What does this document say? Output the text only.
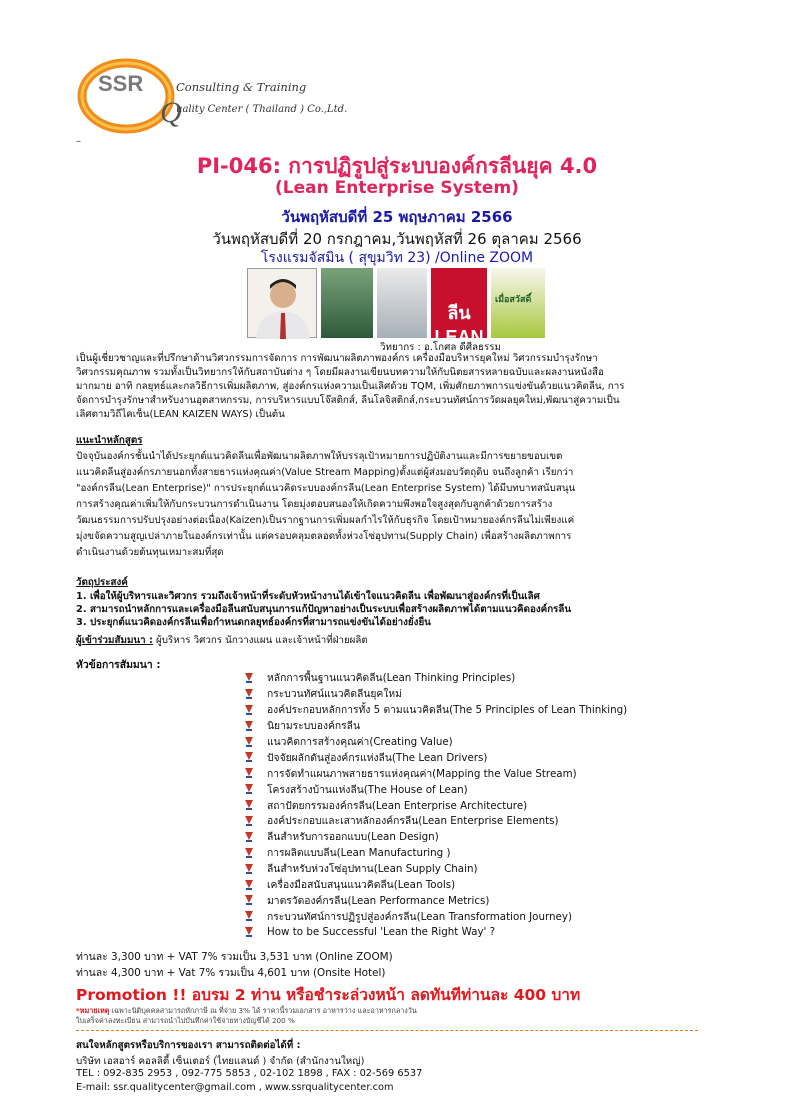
SSR
Q
Consulting & Training
uality Center ( Thailand ) Co.,Ltd.
–
PI-046: การปฏิรูปสู่ระบบองค์กรลีนยุค 4.0
(Lean Enterprise System)
วันพฤหัสบดีที่ 25 พฤษภาคม 2566
วันพฤหัสบดีที่ 20 กรกฎาคม,วันพฤหัสที่ 26 ตุลาคม 2566
โรงแรมจัสมิน ( สุขุมวิท 23) /Online ZOOM
ลีน LEAN
เมื่อสวัสดิ์
วิทยากร : อ.โกศล ดีศีลธรรม
เป็นผู้เชี่ยวชาญและที่ปรึกษาด้านวิศวกรรมการจัดการ การพัฒนาผลิตภาพองค์กร เครื่องมือบริหารยุคใหม่ วิศวกรรมบำรุงรักษา
วิศวกรรมคุณภาพ รวมทั้งเป็นวิทยากรให้กับสถาบันต่าง ๆ โดยมีผลงานเขียนบทความให้กับนิตยสารหลายฉบับและผลงานหนังสือ
มากมาย อาทิ กลยุทธ์และกลวิธีการเพิ่มผลิตภาพ, สู่องค์กรแห่งความเป็นเลิศด้วย TQM, เพิ่มศักยภาพการแข่งขันด้วยแนวคิดลีน, การ
จัดการบำรุงรักษาสำหรับงานอุตสาหกรรม, การบริหารแบบโจ๊สติกส์, ลีนโลจิสติกส์,กระบวนทัศน์การวัดผลยุคใหม่,พัฒนาสู่ความเป็น
เลิศตามวิถีไคเซ็น(LEAN KAIZEN WAYS) เป็นต้น
แนะนำหลักสูตร
ปัจจุบันองค์กรชั้นนำได้ประยุกต์แนวคิดลีนเพื่อพัฒนาผลิตภาพให้บรรลุเป้าหมายการปฏิบัติงานและมีการขยายขอบเขต
แนวคิดลีนสู่องค์กรภายนอกทั้งสายธารแห่งคุณค่า(Value Stream Mapping)ตั้งแต่ผู้ส่งมอบวัตถุดิบ จนถึงลูกค้า เรียกว่า
"องค์กรลีน(Lean Enterprise)" การประยุกต์แนวคิดระบบองค์กรลีน(Lean Enterprise System) ได้มีบทบาทสนับสนุน
การสร้างคุณค่าเพิ่มให้กับกระบวนการดำเนินงาน โดยมุ่งตอบสนองให้เกิดความพึงพอใจสูงสุดกับลูกค้าด้วยการสร้าง
วัฒนธรรมการปรับปรุงอย่างต่อเนื่อง(Kaizen)เป็นรากฐานการเพิ่มผลกำไรให้กับธุรกิจ โดยเป้าหมายองค์กรลีนไม่เพียงแค่
มุ่งขจัดความสูญเปล่าภายในองค์กรเท่านั้น แต่ครอบคลุมตลอดทั้งห่วงโซ่อุปทาน(Supply Chain) เพื่อสร้างผลิตภาพการ
ดำเนินงานด้วยต้นทุนเหมาะสมที่สุด
วัตถุประสงค์
1. เพื่อให้ผู้บริหารและวิศวกร รวมถึงเจ้าหน้าที่ระดับหัวหน้างานได้เข้าใจแนวคิดลีน เพื่อพัฒนาสู่องค์กรที่เป็นเลิศ
2. สามารถนำหลักการและเครื่องมือลีนสนับสนุนการแก้ปัญหาอย่างเป็นระบบเพื่อสร้างผลิตภาพได้ตามแนวคิดองค์กรลีน
3. ประยุกต์แนวคิดองค์กรลีนเพื่อกำหนดกลยุทธ์องค์กรที่สามารถแข่งขันได้อย่างยั่งยืน
ผู้เข้าร่วมสัมมนา : ผู้บริหาร วิศวกร นักวางแผน และเจ้าหน้าที่ฝ่ายผลิต
หัวข้อการสัมมนา :
หลักการพื้นฐานแนวคิดลีน(Lean Thinking Principles)
กระบวนทัศน์แนวคิดลีนยุคใหม่
องค์ประกอบหลักการทั้ง 5 ตามแนวคิดลีน(The 5 Principles of Lean Thinking)
นิยามระบบองค์กรลีน
แนวคิดการสร้างคุณค่า(Creating Value)
ปัจจัยผลักดันสู่องค์กรแห่งลีน(The Lean Drivers)
การจัดทำแผนภาพสายธารแห่งคุณค่า(Mapping the Value Stream)
โครงสร้างบ้านแห่งลีน(The House of Lean)
สถาปัตยกรรมองค์กรลีน(Lean Enterprise Architecture)
องค์ประกอบและเสาหลักองค์กรลีน(Lean Enterprise Elements)
ลีนสำหรับการออกแบบ(Lean Design)
การผลิตแบบลีน(Lean Manufacturing )
ลีนสำหรับห่วงโซ่อุปทาน(Lean Supply Chain)
เครื่องมือสนับสนุนแนวคิดลีน(Lean Tools)
มาตรวัดองค์กรลีน(Lean Performance Metrics)
กระบวนทัศน์การปฏิรูปสู่องค์กรลีน(Lean Transformation Journey)
How to be Successful 'Lean the Right Way' ?
ท่านละ 3,300 บาท + VAT 7% รวมเป็น 3,531 บาท (Online ZOOM)
ท่านละ 4,300 บาท + Vat 7% รวมเป็น 4,601 บาท (Onsite Hotel)
Promotion !! อบรม 2 ท่าน หรือชำระล่วงหน้า ลดทันทีท่านละ 400 บาท
*หมายเหตุ เฉพาะนิติบุคคลสามารถหักภาษี ณ ที่จ่าย 3% ได้ ราคานี้รวมเอกสาร อาหารว่าง และอาหารกลางวัน
ใบเสร็จค่าลงทะเบียน สามารถนำไปบันทึกค่าใช้จ่ายทางบัญชีได้ 200 %
สนใจหลักสูตรหรือบริการของเรา สามารถติดต่อได้ที่ :
บริษัท เอสอาร์ คอลลิตี้ เซ็นเตอร์ (ไทยแลนด์ ) จำกัด (สำนักงานใหญ่)
TEL : 092-835 2953 , 092-775 5853 , 02-102 1898 , FAX : 02-569 6537
E-mail: ssr.qualitycenter@gmail.com , www.ssrqualitycenter.com
